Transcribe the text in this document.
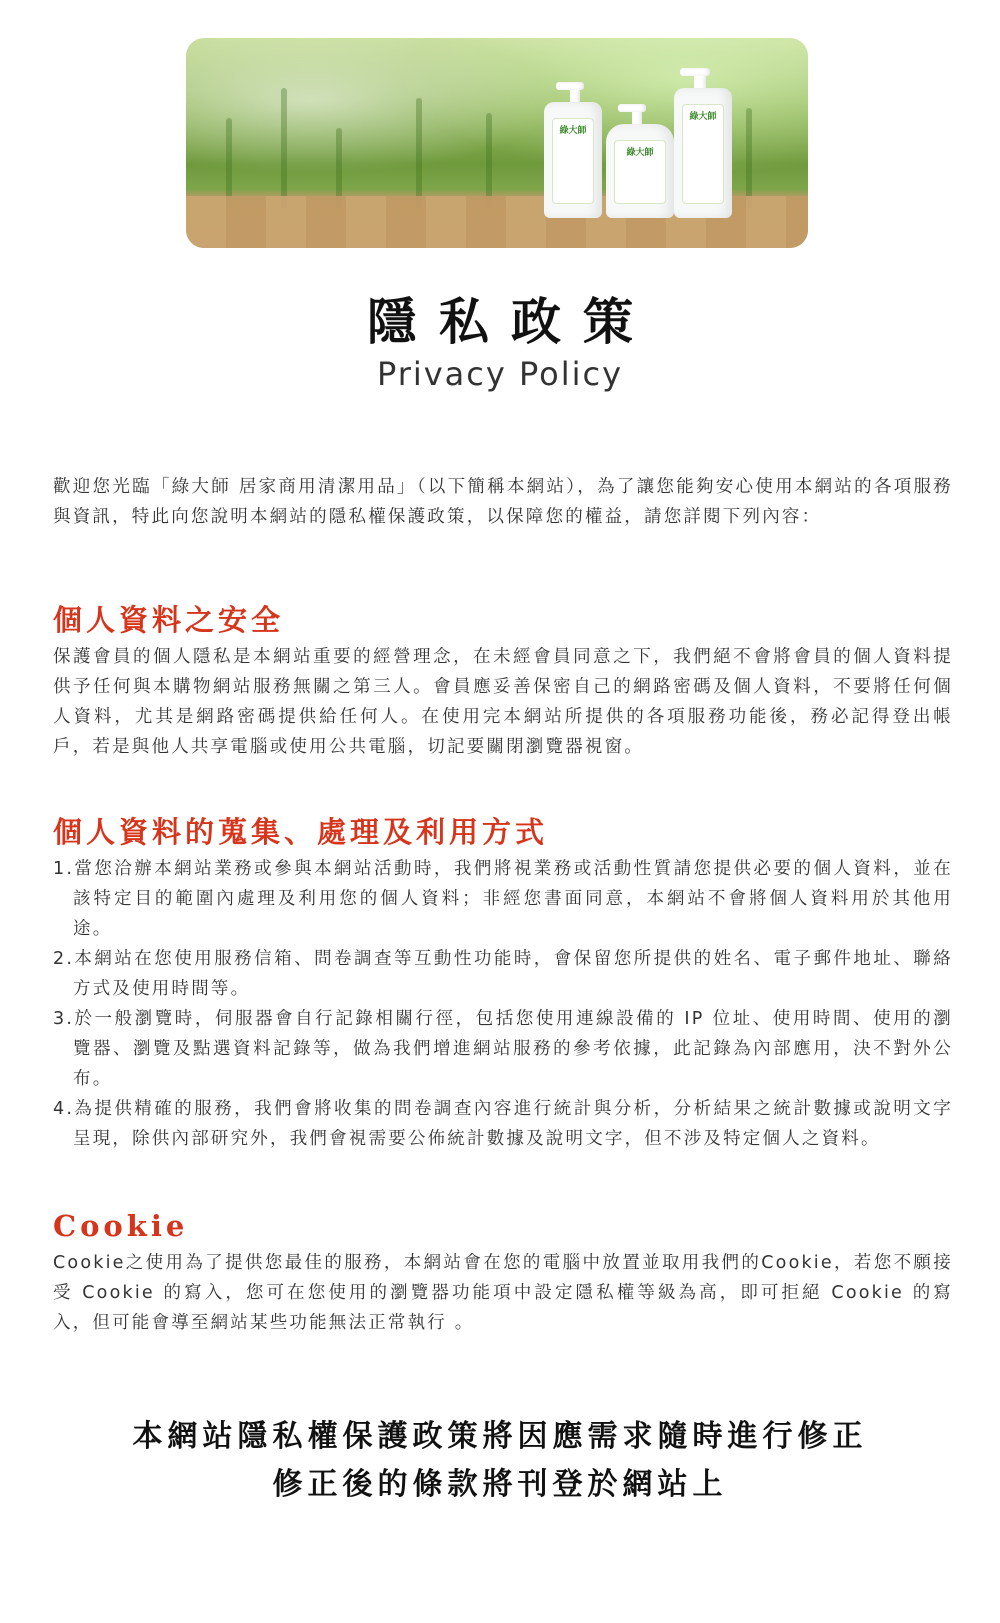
綠大師
綠大師
綠大師
隱私政策
Privacy Policy

歡迎您光臨「綠大師 居家商用清潔用品」（以下簡稱本網站），為了讓您能夠安心使用本網站的各項服務與資訊，特此向您說明本網站的隱私權保護政策，以保障您的權益，請您詳閱下列內容：

個人資料之安全

保護會員的個人隱私是本網站重要的經營理念，在未經會員同意之下，我們絕不會將會員的個人資料提供予任何與本購物網站服務無關之第三人。會員應妥善保密自己的網路密碼及個人資料，不要將任何個人資料，尤其是網路密碼提供給任何人。在使用完本網站所提供的各項服務功能後，務必記得登出帳戶，若是與他人共享電腦或使用公共電腦，切記要關閉瀏覽器視窗。

個人資料的蒐集、處理及利用方式
1.當您洽辦本網站業務或參與本網站活動時，我們將視業務或活動性質請您提供必要的個人資料，並在該特定目的範圍內處理及利用您的個人資料；非經您書面同意，本網站不會將個人資料用於其他用途。
2.本網站在您使用服務信箱、問卷調查等互動性功能時，會保留您所提供的姓名、電子郵件地址、聯絡方式及使用時間等。
3.於一般瀏覽時，伺服器會自行記錄相關行徑，包括您使用連線設備的 IP 位址、使用時間、使用的瀏覽器、瀏覽及點選資料記錄等，做為我們增進網站服務的參考依據，此記錄為內部應用，決不對外公布。
4.為提供精確的服務，我們會將收集的問卷調查內容進行統計與分析，分析結果之統計數據或說明文字呈現，除供內部研究外，我們會視需要公佈統計數據及說明文字，但不涉及特定個人之資料。
Cookie

Cookie之使用為了提供您最佳的服務，本網站會在您的電腦中放置並取用我們的Cookie，若您不願接受 Cookie 的寫入，您可在您使用的瀏覽器功能項中設定隱私權等級為高，即可拒絕 Cookie 的寫入，但可能會導至網站某些功能無法正常執行 。

本網站隱私權保護政策將因應需求隨時進行修正
修正後的條款將刊登於網站上
